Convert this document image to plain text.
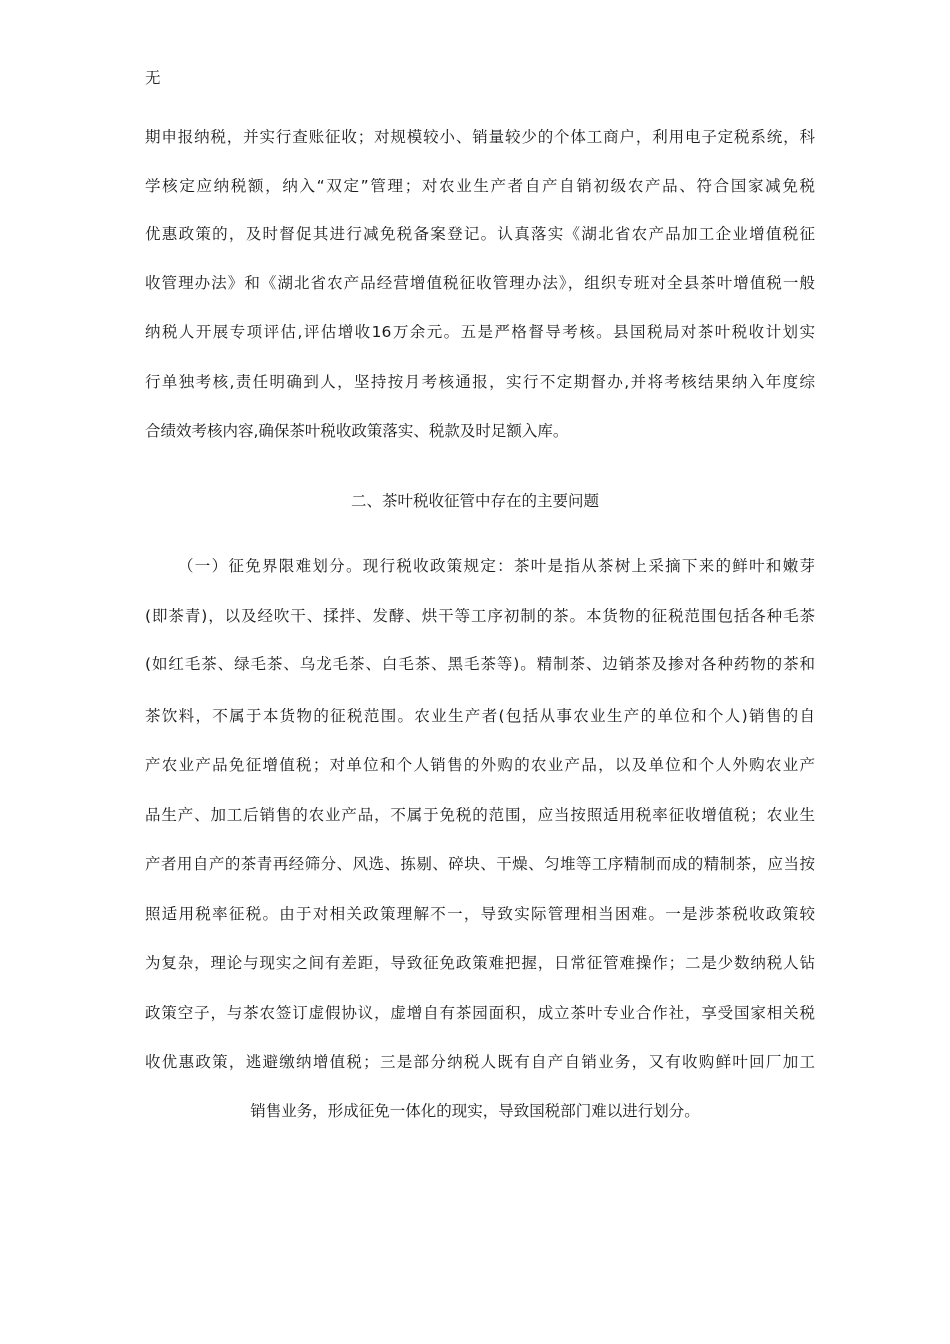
无
期申报纳税，并实行查账征收；对规模较小、销量较少的个体工商户，利用电子定税系统，科
学核定应纳税额，纳入“双定”管理；对农业生产者自产自销初级农产品、符合国家减免税
优惠政策的，及时督促其进行减免税备案登记。认真落实《湖北省农产品加工企业增值税征
收管理办法》和《湖北省农产品经营增值税征收管理办法》，组织专班对全县茶叶增值税一般
纳税人开展专项评估,评估增收16万余元。五是严格督导考核。县国税局对茶叶税收计划实
行单独考核,责任明确到人，坚持按月考核通报，实行不定期督办,并将考核结果纳入年度综
合绩效考核内容,确保茶叶税收政策落实、税款及时足额入库。
二、茶叶税收征管中存在的主要问题
（一）征免界限难划分。现行税收政策规定：茶叶是指从茶树上采摘下来的鲜叶和嫩芽
(即茶青)，以及经吹干、揉拌、发酵、烘干等工序初制的茶。本货物的征税范围包括各种毛茶
(如红毛茶、绿毛茶、乌龙毛茶、白毛茶、黑毛茶等)。精制茶、边销茶及掺对各种药物的茶和
茶饮料，不属于本货物的征税范围。农业生产者(包括从事农业生产的单位和个人)销售的自
产农业产品免征增值税；对单位和个人销售的外购的农业产品，以及单位和个人外购农业产
品生产、加工后销售的农业产品，不属于免税的范围，应当按照适用税率征收增值税；农业生
产者用自产的茶青再经筛分、风选、拣剔、碎块、干燥、匀堆等工序精制而成的精制茶，应当按
照适用税率征税。由于对相关政策理解不一，导致实际管理相当困难。一是涉茶税收政策较
为复杂，理论与现实之间有差距，导致征免政策难把握，日常征管难操作；二是少数纳税人钻
政策空子，与茶农签订虚假协议，虚增自有茶园面积，成立茶叶专业合作社，享受国家相关税
收优惠政策，逃避缴纳增值税；三是部分纳税人既有自产自销业务，又有收购鲜叶回厂加工
销售业务，形成征免一体化的现实，导致国税部门难以进行划分。
